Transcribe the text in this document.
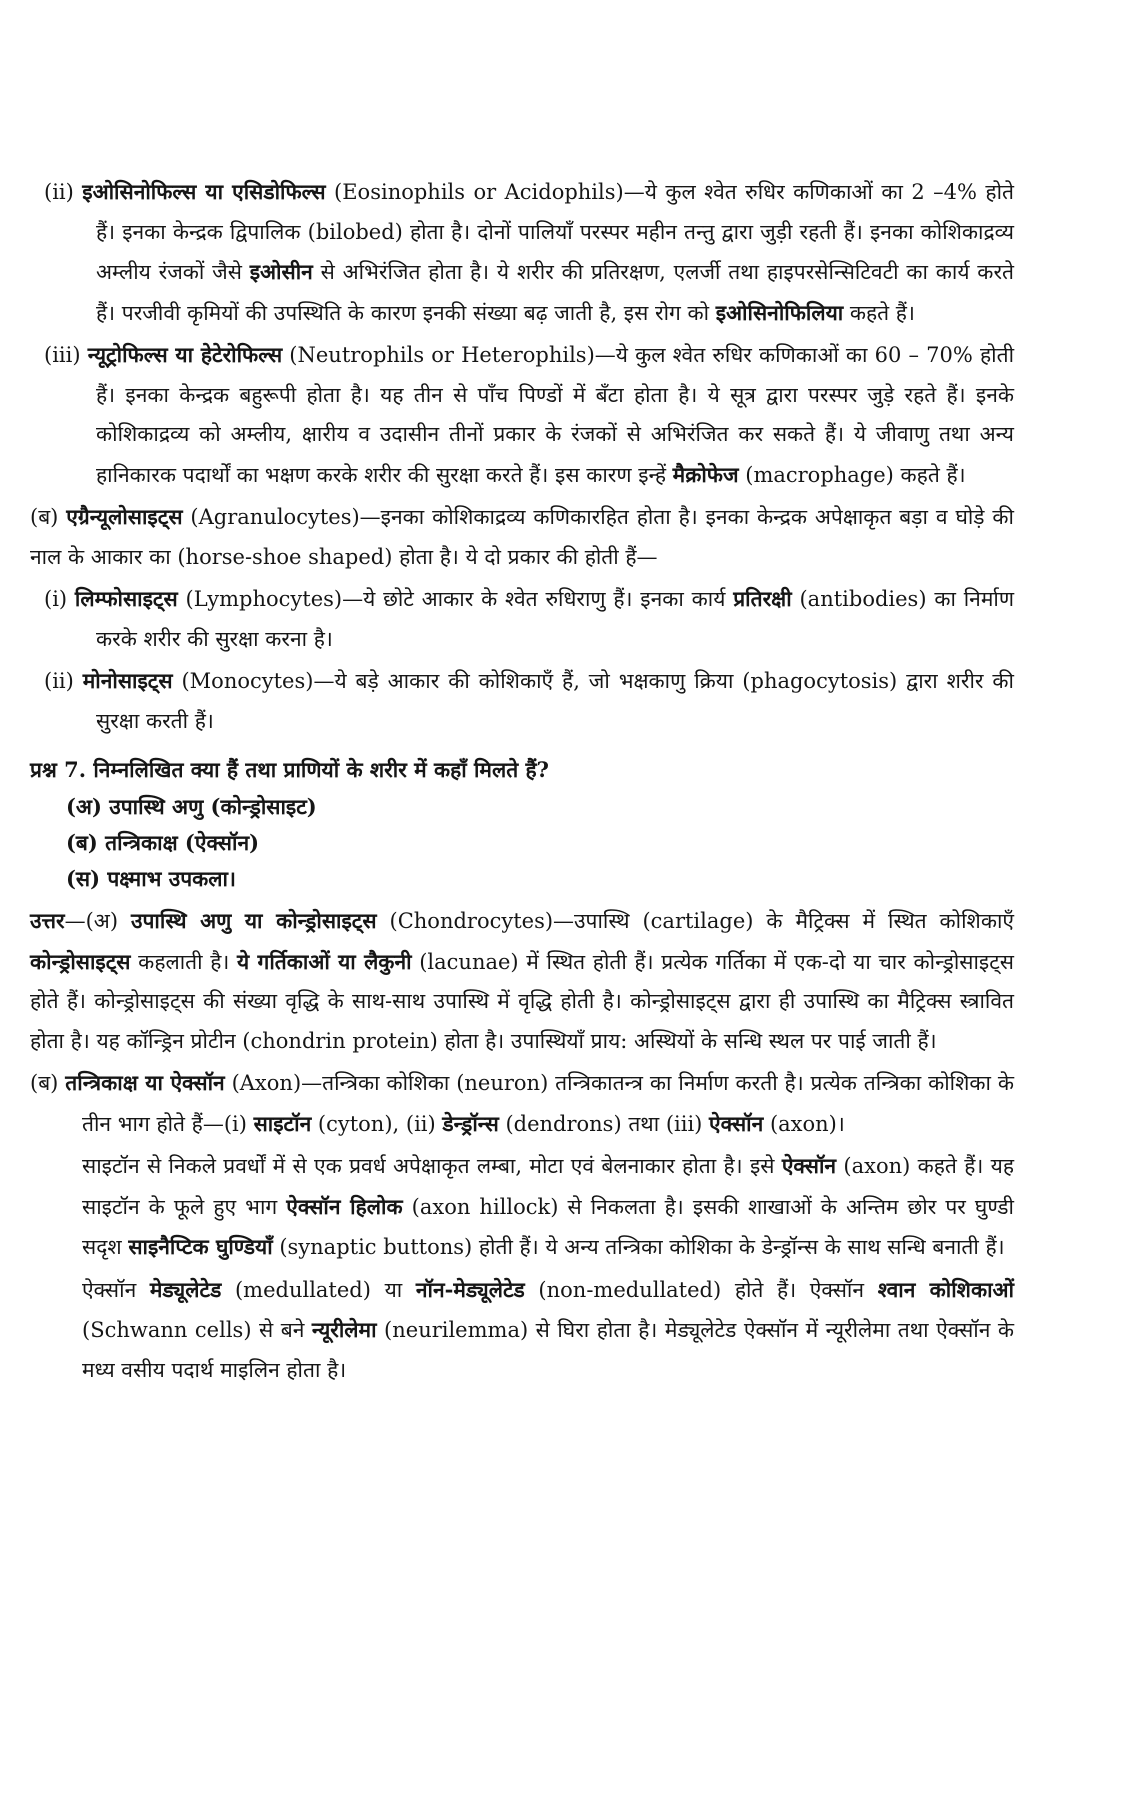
(ii) इओसिनोफिल्स या एसिडोफिल्स (Eosinophils or Acidophils)—ये कुल श्वेत रुधिर कणिकाओं का 2 –4% होते हैं। इनका केन्द्रक द्विपालिक (bilobed) होता है। दोनों पालियाँ परस्पर महीन तन्तु द्वारा जुड़ी रहती हैं। इनका कोशिकाद्रव्य अम्लीय रंजकों जैसे इओसीन से अभिरंजित होता है। ये शरीर की प्रतिरक्षण, एलर्जी तथा हाइपरसेन्सिटिवटी का कार्य करते हैं। परजीवी कृमियों की उपस्थिति के कारण इनकी संख्या बढ़ जाती है, इस रोग को इओसिनोफिलिया कहते हैं।
(iii) न्यूट्रोफिल्स या हेटेरोफिल्स (Neutrophils or Heterophils)—ये कुल श्वेत रुधिर कणिकाओं का 60 – 70% होती हैं। इनका केन्द्रक बहुरूपी होता है। यह तीन से पाँच पिण्डों में बँटा होता है। ये सूत्र द्वारा परस्पर जुड़े रहते हैं। इनके कोशिकाद्रव्य को अम्लीय, क्षारीय व उदासीन तीनों प्रकार के रंजकों से अभिरंजित कर सकते हैं। ये जीवाणु तथा अन्य हानिकारक पदार्थों का भक्षण करके शरीर की सुरक्षा करते हैं। इस कारण इन्हें मैक्रोफेज (macrophage) कहते हैं।
(ब) एग्रैन्यूलोसाइट्स (Agranulocytes)—इनका कोशिकाद्रव्य कणिकारहित होता है। इनका केन्द्रक अपेक्षाकृत बड़ा व घोड़े की नाल के आकार का (horse-shoe shaped) होता है। ये दो प्रकार की होती हैं—
(i) लिम्फोसाइट्स (Lymphocytes)—ये छोटे आकार के श्वेत रुधिराणु हैं। इनका कार्य प्रतिरक्षी (antibodies) का निर्माण करके शरीर की सुरक्षा करना है।
(ii) मोनोसाइट्स (Monocytes)—ये बड़े आकार की कोशिकाएँ हैं, जो भक्षकाणु क्रिया (phagocytosis) द्वारा शरीर की सुरक्षा करती हैं।
प्रश्न 7. निम्नलिखित क्या हैं तथा प्राणियों के शरीर में कहाँ मिलते हैं?
(अ) उपास्थि अणु (कोन्ड्रोसाइट)
(ब) तन्त्रिकाक्ष (ऐक्सॉन)
(स) पक्ष्माभ उपकला।
उत्तर—(अ) उपास्थि अणु या कोन्ड्रोसाइट्स (Chondrocytes)—उपास्थि (cartilage) के मैट्रिक्स में स्थित कोशिकाएँ कोन्ड्रोसाइट्स कहलाती है। ये गर्तिकाओं या लैकुनी (lacunae) में स्थित होती हैं। प्रत्येक गर्तिका में एक-दो या चार कोन्ड्रोसाइट्स होते हैं। कोन्ड्रोसाइट्स की संख्या वृद्धि के साथ-साथ उपास्थि में वृद्धि होती है। कोन्ड्रोसाइट्स द्वारा ही उपास्थि का मैट्रिक्स स्त्रावित होता है। यह कॉन्ड्रिन प्रोटीन (chondrin protein) होता है। उपास्थियाँ प्राय: अस्थियों के सन्धि स्थल पर पाई जाती हैं।
(ब) तन्त्रिकाक्ष या ऐक्सॉन (Axon)—तन्त्रिका कोशिका (neuron) तन्त्रिकातन्त्र का निर्माण करती है। प्रत्येक तन्त्रिका कोशिका के तीन भाग होते हैं—(i) साइटॉन (cyton), (ii) डेन्ड्रॉन्स (dendrons) तथा (iii) ऐक्सॉन (axon)।
साइटॉन से निकले प्रवर्धों में से एक प्रवर्ध अपेक्षाकृत लम्बा, मोटा एवं बेलनाकार होता है। इसे ऐक्सॉन (axon) कहते हैं। यह साइटॉन के फूले हुए भाग ऐक्सॉन हिलोक (axon hillock) से निकलता है। इसकी शाखाओं के अन्तिम छोर पर घुण्डी सदृश साइनैप्टिक घुण्डियाँ (synaptic buttons) होती हैं। ये अन्य तन्त्रिका कोशिका के डेन्ड्रॉन्स के साथ सन्धि बनाती हैं।
ऐक्सॉन मेड्यूलेटेड (medullated) या नॉन-मेड्यूलेटेड (non-medullated) होते हैं। ऐक्सॉन श्वान कोशिकाओं (Schwann cells) से बने न्यूरीलेमा (neurilemma) से घिरा होता है। मेड्यूलेटेड ऐक्सॉन में न्यूरीलेमा तथा ऐक्सॉन के मध्य वसीय पदार्थ माइलिन होता है।
